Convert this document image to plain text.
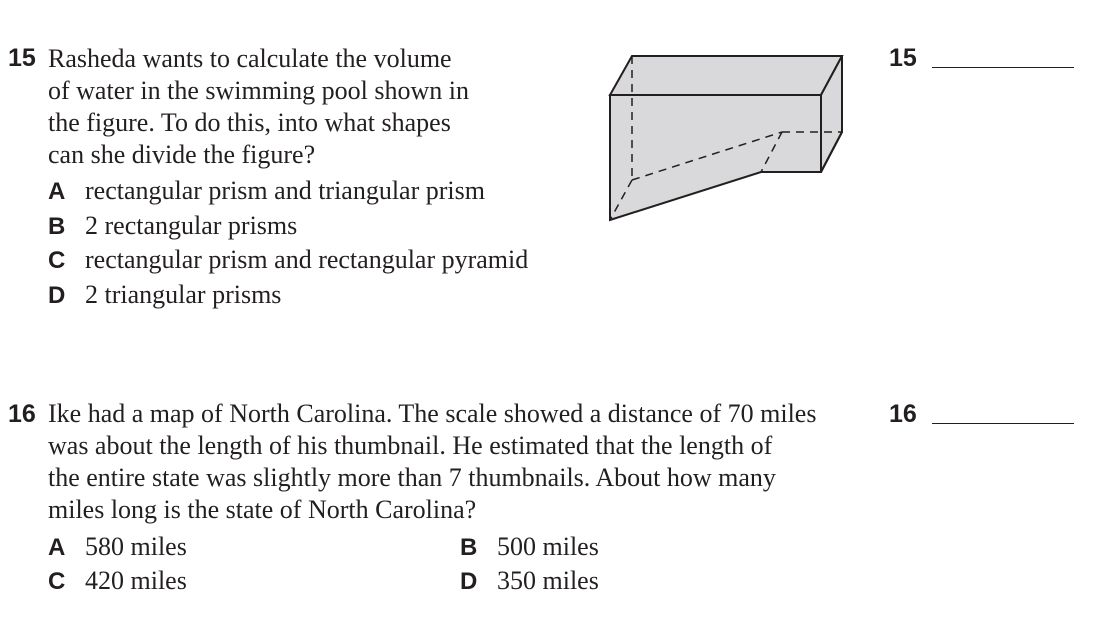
15 Rasheda wants to calculate the volume
of water in the swimming pool shown in
the figure. To do this, into what shapes
can she divide the figure?
A rectangular prism and triangular prism
B 2 rectangular prisms
C rectangular prism and rectangular pyramid
D 2 triangular prisms
15
16 Ike had a map of North Carolina. The scale showed a distance of 70 miles
was about the length of his thumbnail. He estimated that the length of
the entire state was slightly more than 7 thumbnails. About how many
miles long is the state of North Carolina?
A 580 miles	B 500 miles
C 420 miles	D 350 miles
16
